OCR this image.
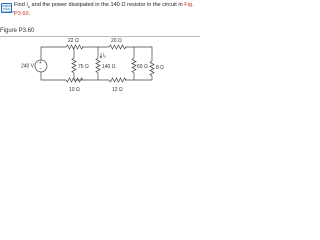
CHECK
YOUR
SOLUTION
Find $i_o$ and the power dissipated in the 140 Ω resistor in the circuit in Fig.
P3.60.
Figure P3.60
+
−
22 Ω	20 Ω
240 V	75 Ω	140 Ω	60 Ω 8 Ω
10 Ω	12 Ω
$i_o$
